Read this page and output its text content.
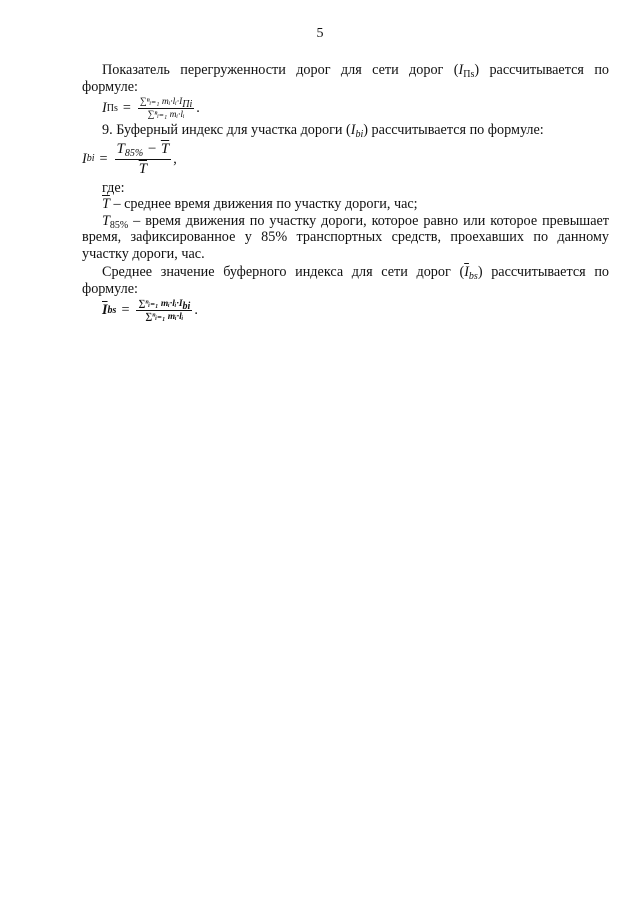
5

Показатель перегруженности дорог для сети дорог $(I_{Пs})$ рассчитывается по формуле:

I Пs = $\frac{\sum^nᵢ_{=1} mᵢ\cdot lᵢ\cdot I_{Пi}}{\text{∑ⁿᵢ₌₁ mᵢ·lᵢ}}$ .

9. Буферный индекс для участка дороги $(I_{bi})$ рассчитывается по формуле:

I bi = $\frac{T_{85\%} - \overline{T}}{T}$ ,

где:

$\overline{T}$ – среднее время движения по участку дороги, час;

$T_{85\%}$ – время движения по участку дороги, которое равно или которое превышает время, зафиксированное у 85% транспортных средств, проехавших по данному участку дороги, час.

Среднее значение буферного индекса для сети дорог $(\overline{I}_{bs})$ рассчитывается по формуле:

$\overline{I}$ bs = $\frac{\sum^nᵢ_{=1} mᵢ\cdot lᵢ\cdot I_{bi}}{\text{∑ⁿᵢ₌₁ mᵢ·lᵢ}}$ .
